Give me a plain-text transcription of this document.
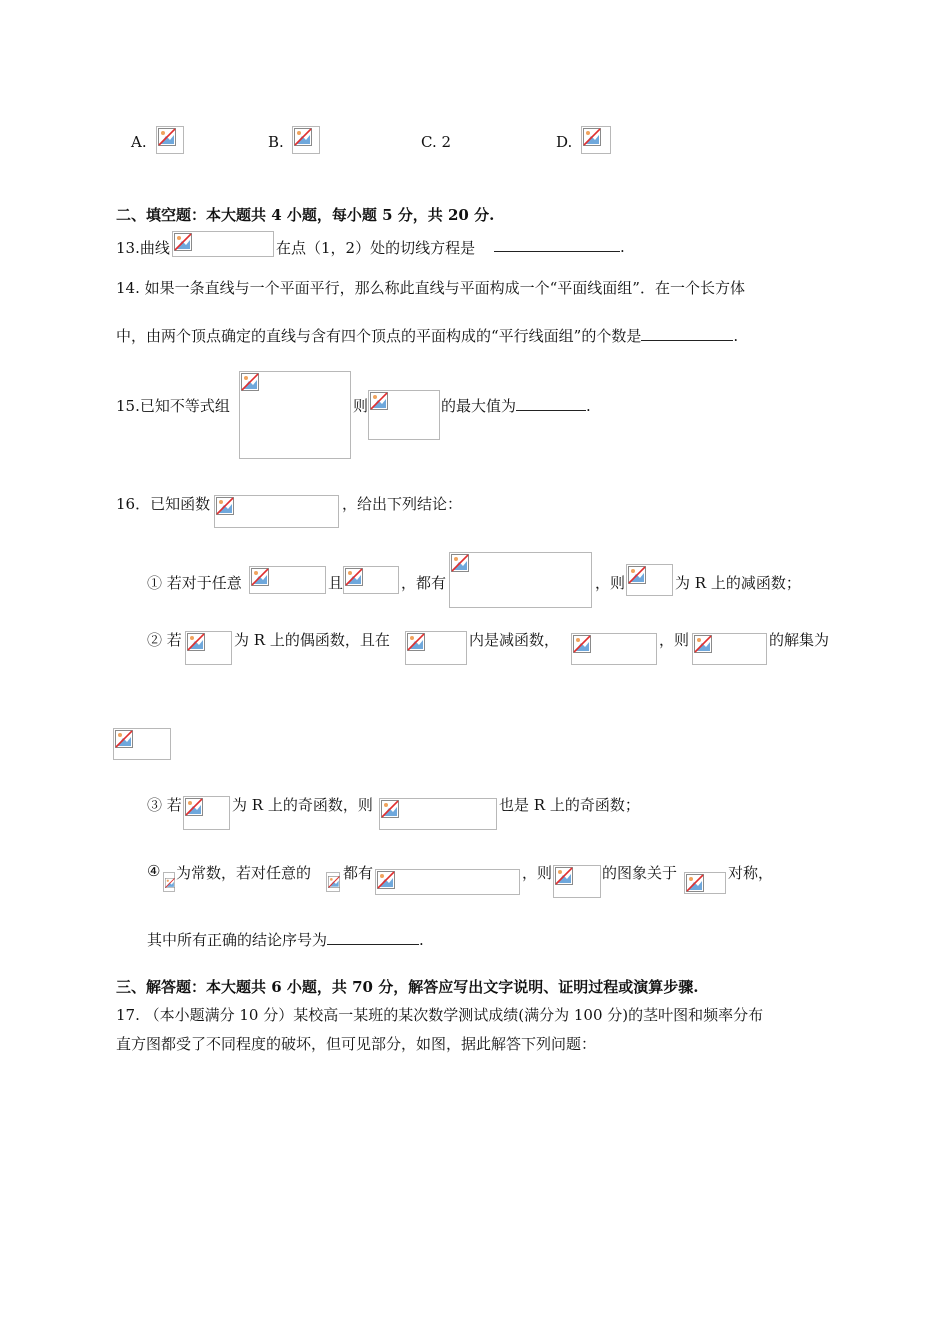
A.	B.	C. 2	D.
二、填空题：本大题共 4 小题，每小题 5 分，共 20 分.
13.曲线	在点（1，2）处的切线方程是	.
14. 如果一条直线与一个平面平行，那么称此直线与平面构成一个“平面线面组”．在一个长方体
中，由两个顶点确定的直线与含有四个顶点的平面构成的“平行线面组”的个数是	.
15.已知不等式组	则	的最大值为	.
16．已知函数	，给出下列结论：
① 若对于任意	且	，都有	，则	为 R 上的减函数；
② 若	为 R 上的偶函数，且在	内是减函数，	，则	的解集为
③ 若	为 R 上的奇函数，则	也是 R 上的奇函数；
④ 为常数，若对任意的 都有	，则	的图象关于	对称，
其中所有正确的结论序号为	.
三、解答题：本大题共 6 小题，共 70 分，解答应写出文字说明、证明过程或演算步骤.
17. （本小题满分 10 分）某校高一某班的某次数学测试成绩(满分为 100 分)的茎叶图和频率分布
直方图都受了不同程度的破坏，但可见部分，如图，据此解答下列问题：
